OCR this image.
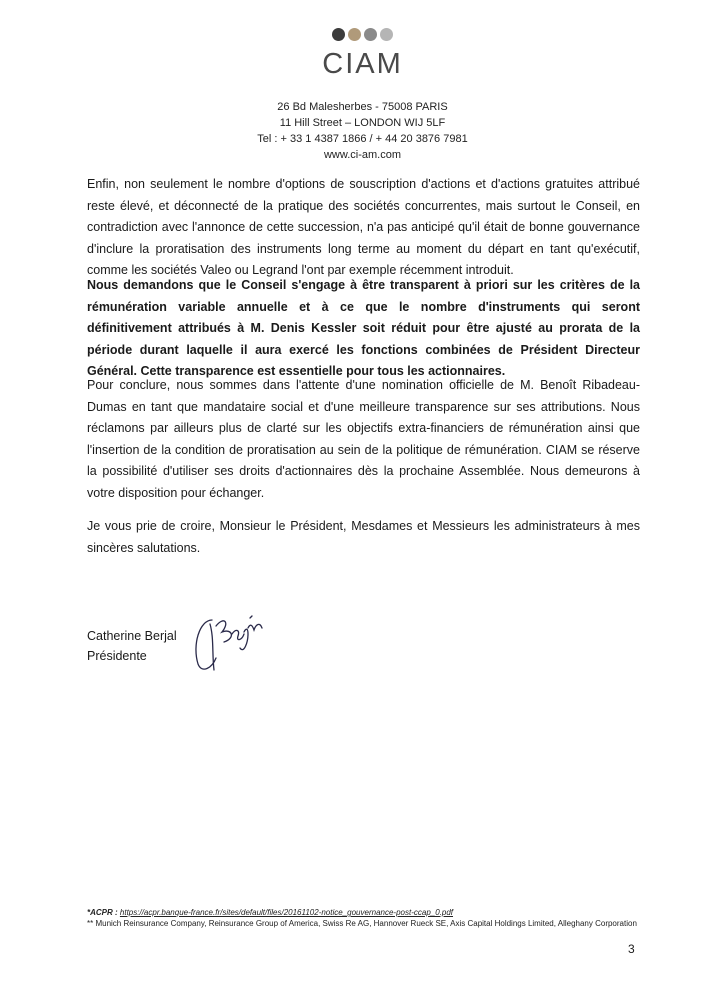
CIAM
26 Bd Malesherbes - 75008 PARIS
11 Hill Street – LONDON WIJ 5LF
Tel : + 33 1 4387 1866 / + 44 20 3876 7981
www.ci-am.com

Enfin, non seulement le nombre d'options de souscription d'actions et d'actions gratuites attribué reste élevé, et déconnecté de la pratique des sociétés concurrentes, mais surtout le Conseil, en contradiction avec l'annonce de cette succession, n'a pas anticipé qu'il était de bonne gouvernance d'inclure la proratisation des instruments long terme au moment du départ en tant qu'exécutif, comme les sociétés Valeo ou Legrand l'ont par exemple récemment introduit.

Nous demandons que le Conseil s'engage à être transparent à priori sur les critères de la rémunération variable annuelle et à ce que le nombre d'instruments qui seront définitivement attribués à M. Denis Kessler soit réduit pour être ajusté au prorata de la période durant laquelle il aura exercé les fonctions combinées de Président Directeur Général. Cette transparence est essentielle pour tous les actionnaires.

Pour conclure, nous sommes dans l'attente d'une nomination officielle de M. Benoît Ribadeau-Dumas en tant que mandataire social et d'une meilleure transparence sur ses attributions. Nous réclamons par ailleurs plus de clarté sur les objectifs extra-financiers de rémunération ainsi que l'insertion de la condition de proratisation au sein de la politique de rémunération. CIAM se réserve la possibilité d'utiliser ses droits d'actionnaires dès la prochaine Assemblée. Nous demeurons à votre disposition pour échanger.

Je vous prie de croire, Monsieur le Président, Mesdames et Messieurs les administrateurs à mes sincères salutations.

Catherine Berjal
Présidente
*ACPR : https://acpr.banque-france.fr/sites/default/files/20161102-notice_gouvernance-post-ccap_0.pdf
** Munich Reinsurance Company, Reinsurance Group of America, Swiss Re AG, Hannover Rueck SE, Axis Capital Holdings Limited, Alleghany Corporation
3
